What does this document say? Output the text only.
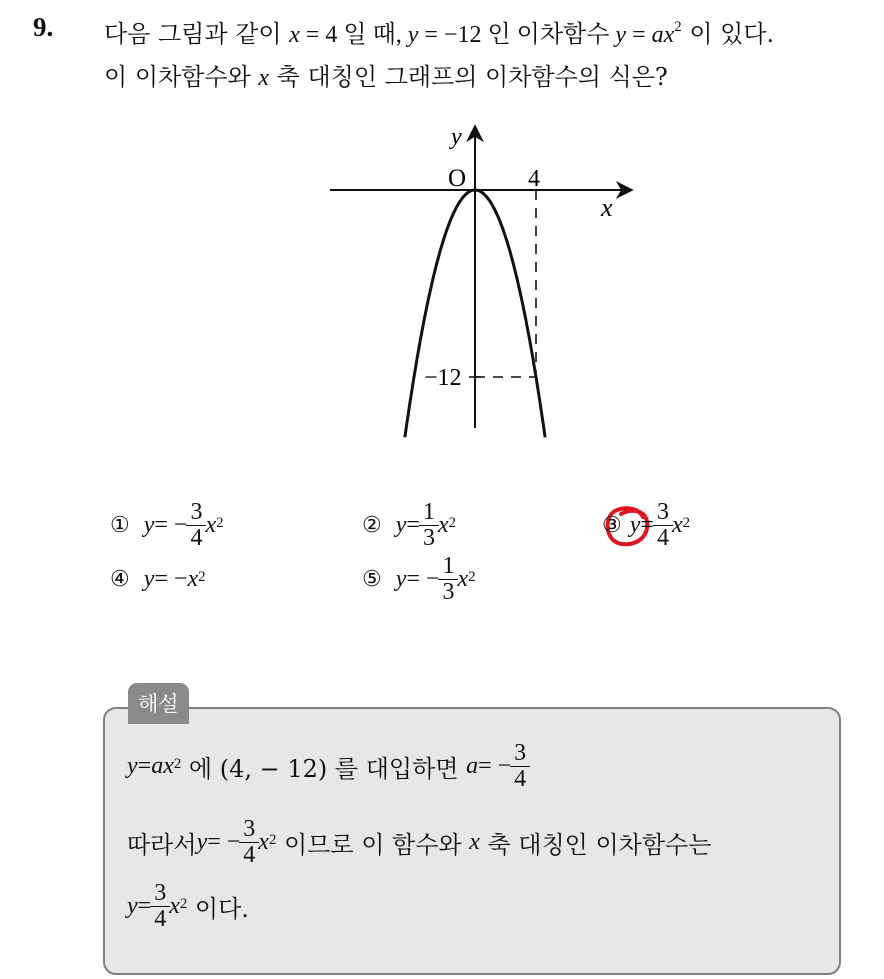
9. 다음 그림과 같이 x = 4 일 때, y = −12 인 이차함수 $y = ax^2$ 이 있다.
이 이차함수와 x 축 대칭인 그래프의 이차함수의 식은?
y
O	4
x
−12
① y = − $\frac{3}{4} x^2$	② $y = \frac{1}{3} x^2$	③ $y = \frac{3}{4} x^2$
④ y = − $x^2$	⑤ y = − $\frac{1}{3} x^2$
해설
$y = ax^2$ 에 (4, − 12) 를 대입하면 a = − $\frac{3}{4}$
따라서 y = − $\frac{3}{4} x^2$ 이므로 이 함수와 x 축 대칭인 이차함수는
$y = \frac{3}{4} x^2$ 이다.
